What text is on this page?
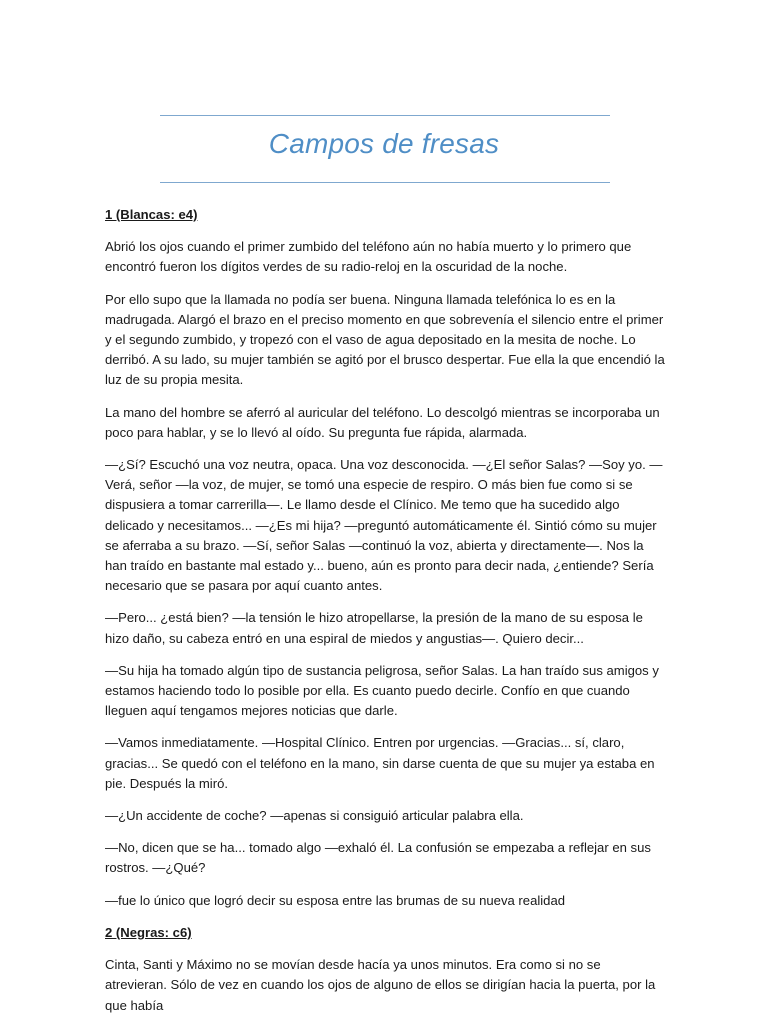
Campos de fresas
1 (Blancas: e4)

Abrió los ojos cuando el primer zumbido del teléfono aún no había muerto y lo primero que encontró fueron los dígitos verdes de su radio-reloj en la oscuridad de la noche.

Por ello supo que la llamada no podía ser buena. Ninguna llamada telefónica lo es en la madrugada. Alargó el brazo en el preciso momento en que sobrevenía el silencio entre el primer y el segundo zumbido, y tropezó con el vaso de agua depositado en la mesita de noche. Lo derribó. A su lado, su mujer también se agitó por el brusco despertar. Fue ella la que encendió la luz de su propia mesita.

La mano del hombre se aferró al auricular del teléfono. Lo descolgó mientras se incorporaba un poco para hablar, y se lo llevó al oído. Su pregunta fue rápida, alarmada.

—¿Sí? Escuchó una voz neutra, opaca. Una voz desconocida. —¿El señor Salas? —Soy yo. —Verá, señor —la voz, de mujer, se tomó una especie de respiro. O más bien fue como si se dispusiera a tomar carrerilla—. Le llamo desde el Clínico. Me temo que ha sucedido algo delicado y necesitamos... —¿Es mi hija? —preguntó automáticamente él. Sintió cómo su mujer se aferraba a su brazo. —Sí, señor Salas —continuó la voz, abierta y directamente—. Nos la han traído en bastante mal estado y... bueno, aún es pronto para decir nada, ¿entiende? Sería necesario que se pasara por aquí cuanto antes.

—Pero... ¿está bien? —la tensión le hizo atropellarse, la presión de la mano de su esposa le hizo daño, su cabeza entró en una espiral de miedos y angustias—. Quiero decir...

—Su hija ha tomado algún tipo de sustancia peligrosa, señor Salas. La han traído sus amigos y estamos haciendo todo lo posible por ella. Es cuanto puedo decirle. Confío en que cuando lleguen aquí tengamos mejores noticias que darle.

—Vamos inmediatamente. —Hospital Clínico. Entren por urgencias. —Gracias... sí, claro, gracias... Se quedó con el teléfono en la mano, sin darse cuenta de que su mujer ya estaba en pie. Después la miró.

—¿Un accidente de coche? —apenas si consiguió articular palabra ella.

—No, dicen que se ha... tomado algo —exhaló él. La confusión se empezaba a reflejar en sus rostros. —¿Qué?

—fue lo único que logró decir su esposa entre las brumas de su nueva realidad

2 (Negras: c6)

Cinta, Santi y Máximo no se movían desde hacía ya unos minutos. Era como si no se atrevieran. Sólo de vez en cuando los ojos de alguno de ellos se dirigían hacia la puerta, por la que había
